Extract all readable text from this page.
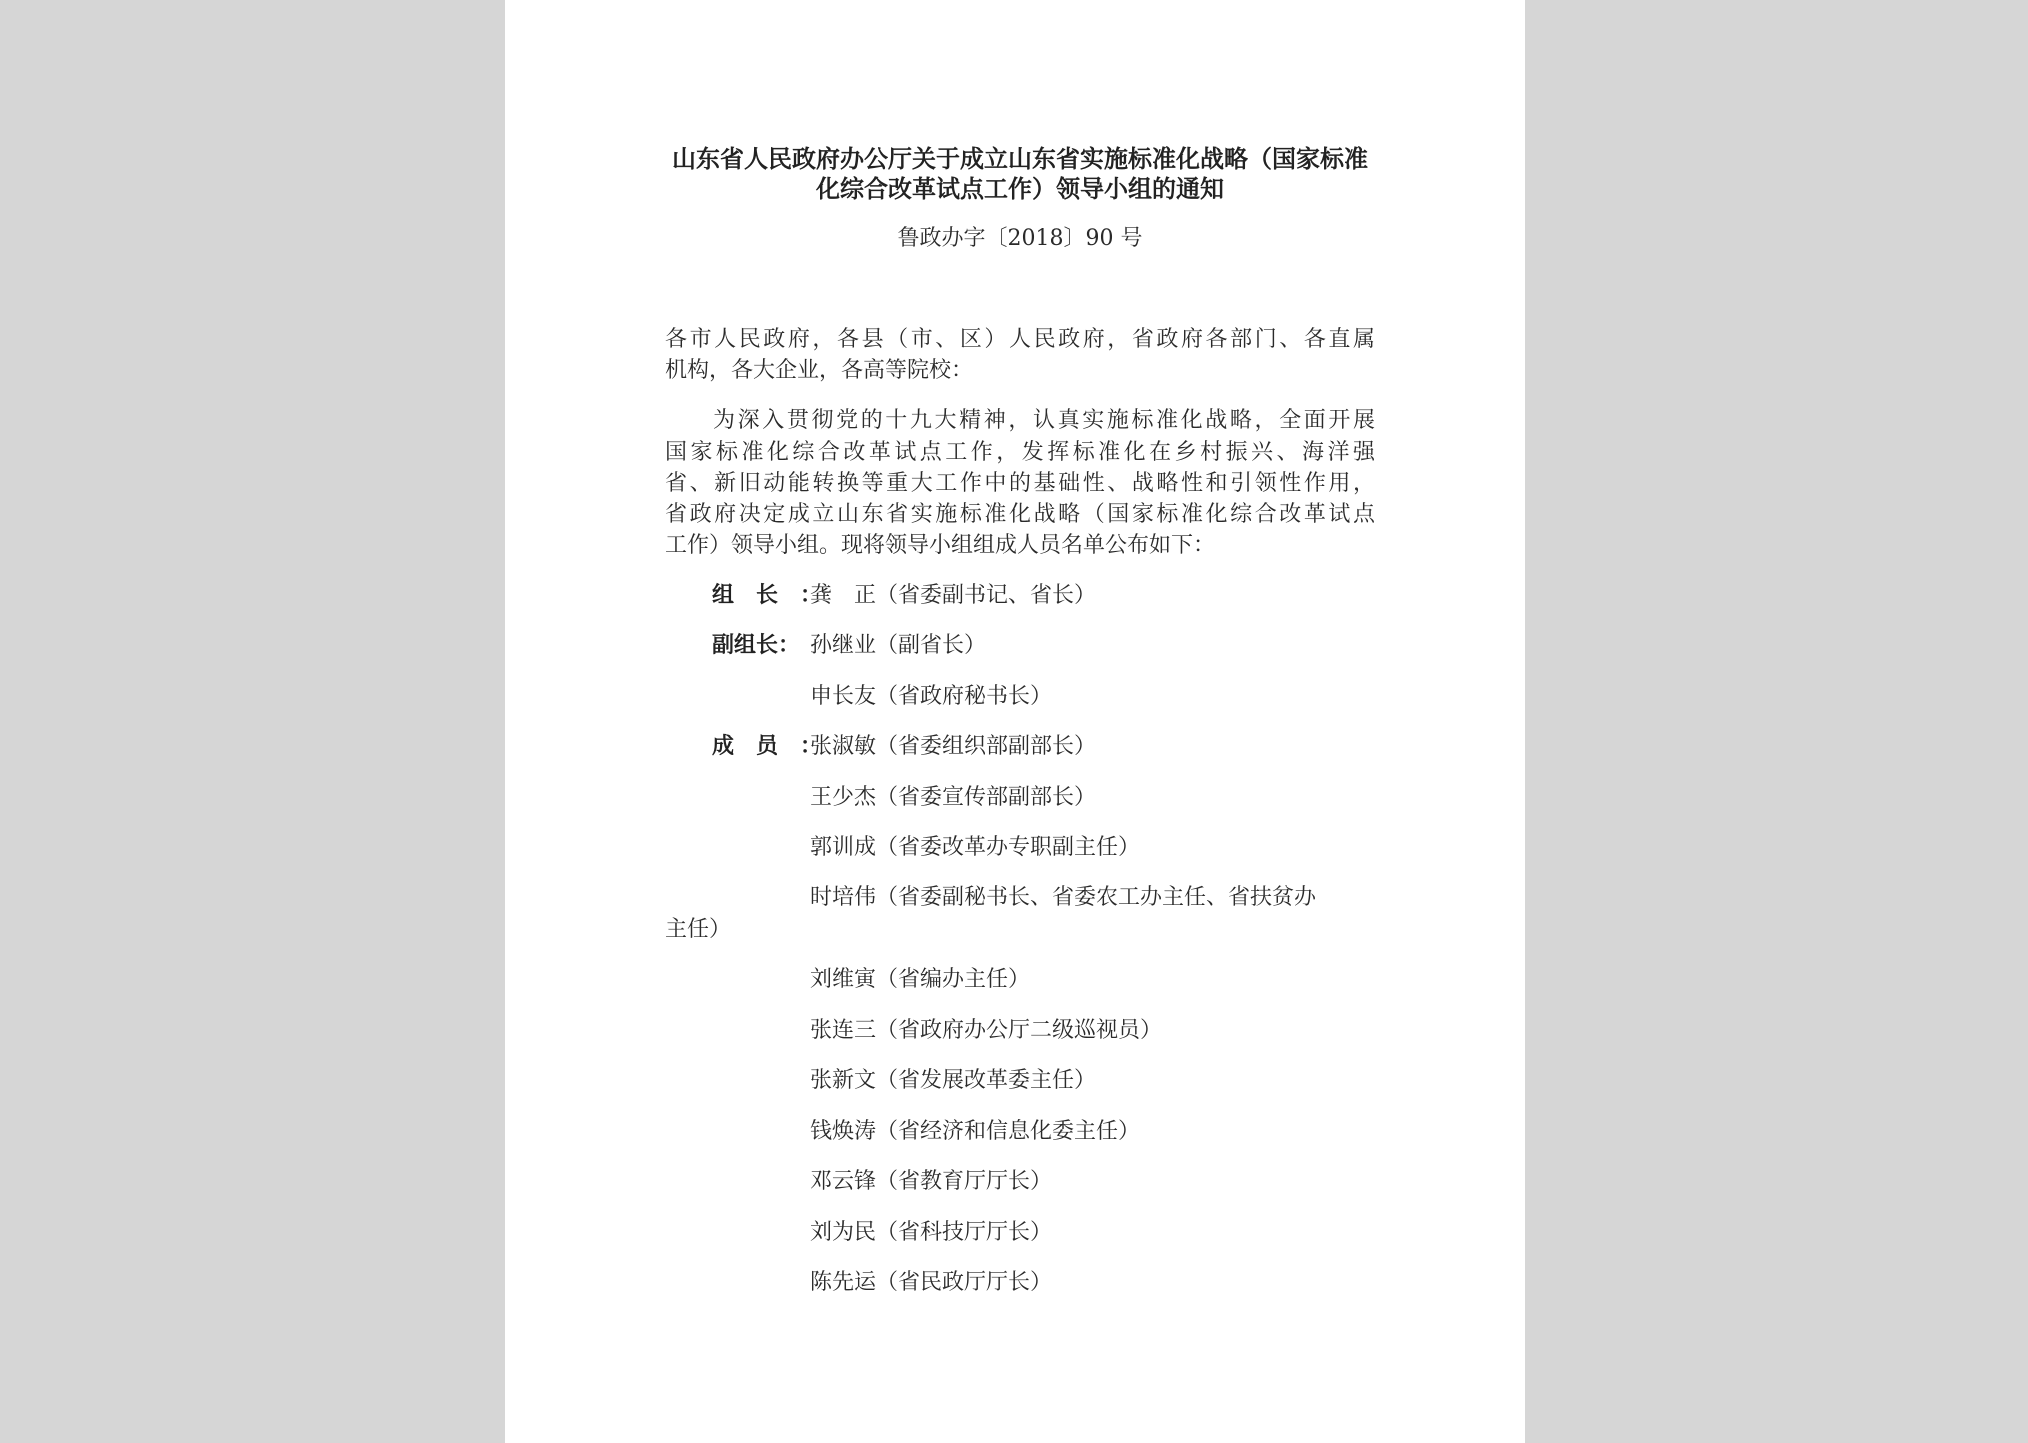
山东省人民政府办公厅关于成立山东省实施标准化战略（国家标准
化综合改革试点工作）领导小组的通知
鲁政办字〔2018〕90 号
各市人民政府，各县（市、区）人民政府，省政府各部门、各直属
机构，各大企业，各高等院校：
为深入贯彻党的十九大精神，认真实施标准化战略，全面开展
国家标准化综合改革试点工作，发挥标准化在乡村振兴、海洋强
省、新旧动能转换等重大工作中的基础性、战略性和引领性作用，
省政府决定成立山东省实施标准化战略（国家标准化综合改革试点
工作）领导小组。现将领导小组组成人员名单公布如下：
组长：
龚　正（省委副书记、省长）
副组长： 孙继业（副省长）
申长友（省政府秘书长）
成员：
张淑敏（省委组织部副部长）
王少杰（省委宣传部副部长）
郭训成（省委改革办专职副主任）
时培伟（省委副秘书长、省委农工办主任、省扶贫办
主任）
刘维寅（省编办主任）
张连三（省政府办公厅二级巡视员）
张新文（省发展改革委主任）
钱焕涛（省经济和信息化委主任）
邓云锋（省教育厅厅长）
刘为民（省科技厅厅长）
陈先运（省民政厅厅长）
